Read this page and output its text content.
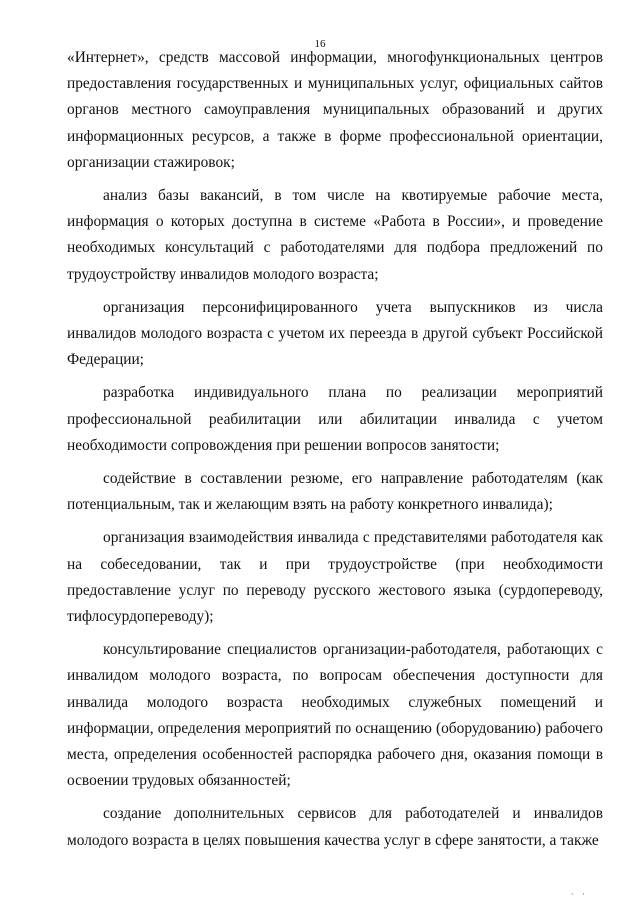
16

«Интернет», средств массовой информации, многофункциональных центров предоставления государственных и муниципальных услуг, официальных сайтов органов местного самоуправления муниципальных образований и других информационных ресурсов, а также в форме профессиональной ориентации, организации стажировок;

анализ базы вакансий, в том числе на квотируемые рабочие места, информация о которых доступна в системе «Работа в России», и проведение необходимых консультаций с работодателями для подбора предложений по трудоустройству инвалидов молодого возраста;

организация персонифицированного учета выпускников из числа инвалидов молодого возраста с учетом их переезда в другой субъект Российской Федерации;

разработка индивидуального плана по реализации мероприятий профессиональной реабилитации или абилитации инвалида с учетом необходимости сопровождения при решении вопросов занятости;

содействие в составлении резюме, его направление работодателям (как потенциальным, так и желающим взять на работу конкретного инвалида);

организация взаимодействия инвалида с представителями работодателя как на собеседовании, так и при трудоустройстве (при необходимости предоставление услуг по переводу русского жестового языка (сурдопереводу, тифлосурдопереводу);

консультирование специалистов организации-работодателя, работающих с инвалидом молодого возраста, по вопросам обеспечения доступности для инвалида молодого возраста необходимых служебных помещений и информации, определения мероприятий по оснащению (оборудованию) рабочего места, определения особенностей распорядка рабочего дня, оказания помощи в освоении трудовых обязанностей;

создание дополнительных сервисов для работодателей и инвалидов молодого возраста в целях повышения качества услуг в сфере занятости, а также

· ·
